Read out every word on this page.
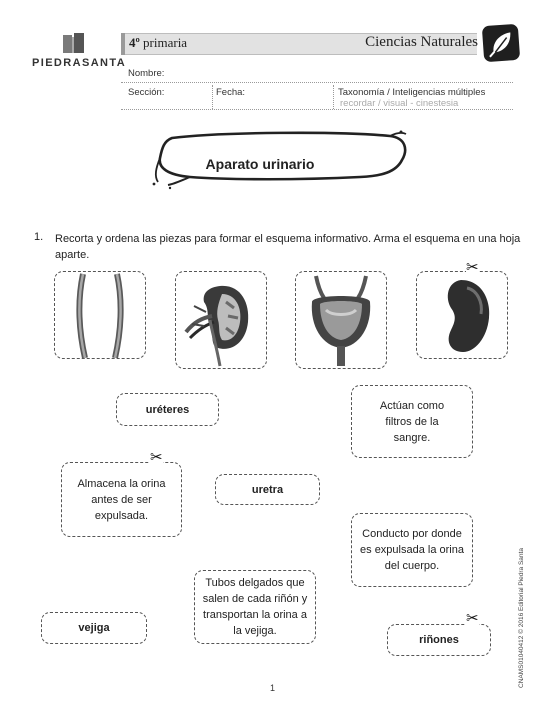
PIEDRASANTA
4º primaria	Ciencias Naturales
Nombre:
Sección:	Fecha:	Taxonomía / Inteligencias múltiples
recordar / visual - cinestesia
Aparato urinario
1. Recorta y ordena las piezas para formar el esquema informativo. Arma el esquema en una hoja aparte.
✂
uréteres	Actúan como filtros de la sangre.
Almacena la orina antes de ser expulsada.
✂
uretra
Conducto por donde es expulsada la orina del cuerpo.
Tubos delgados que salen de cada riñón y transportan la orina a la vejiga.
vejiga
riñones
✂
1	CNAMS01040412 © 2016 Editorial Piedra Santa
